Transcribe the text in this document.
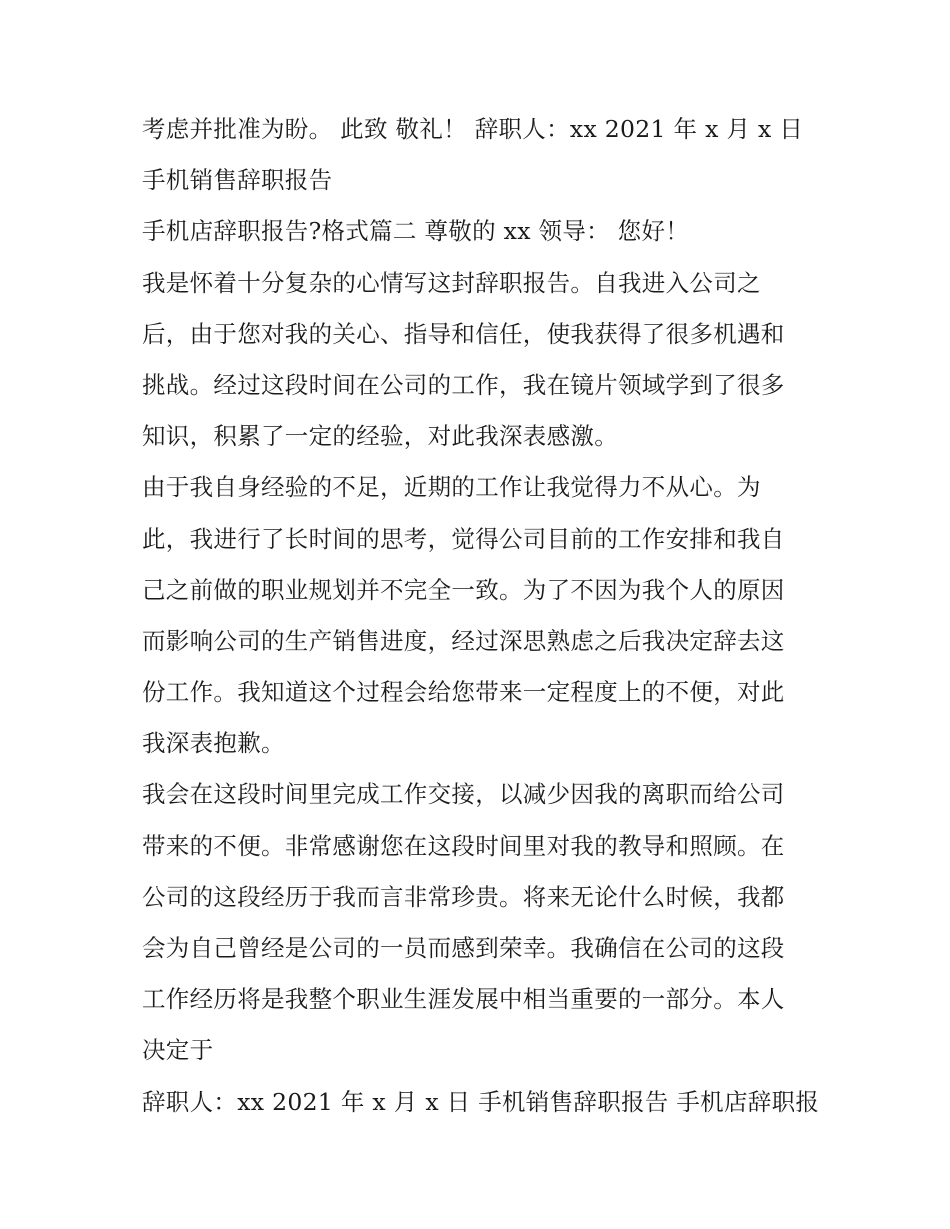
考虑并批准为盼。 此致 敬礼！ 辞职人：xx 2021 年 x 月 x 日
手机销售辞职报告
手机店辞职报告?格式篇二 尊敬的 xx 领导： 您好！
我是怀着十分复杂的心情写这封辞职报告。自我进入公司之
后，由于您对我的关心、指导和信任，使我获得了很多机遇和
挑战。经过这段时间在公司的工作，我在镜片领域学到了很多
知识，积累了一定的经验，对此我深表感激。
由于我自身经验的不足，近期的工作让我觉得力不从心。为
此，我进行了长时间的思考，觉得公司目前的工作安排和我自
己之前做的职业规划并不完全一致。为了不因为我个人的原因
而影响公司的生产销售进度，经过深思熟虑之后我决定辞去这
份工作。我知道这个过程会给您带来一定程度上的不便，对此
我深表抱歉。
我会在这段时间里完成工作交接，以减少因我的离职而给公司
带来的不便。非常感谢您在这段时间里对我的教导和照顾。在
公司的这段经历于我而言非常珍贵。将来无论什么时候，我都
会为自己曾经是公司的一员而感到荣幸。我确信在公司的这段
工作经历将是我整个职业生涯发展中相当重要的一部分。本人
决定于
辞职人：xx 2021 年 x 月 x 日 手机销售辞职报告 手机店辞职报
